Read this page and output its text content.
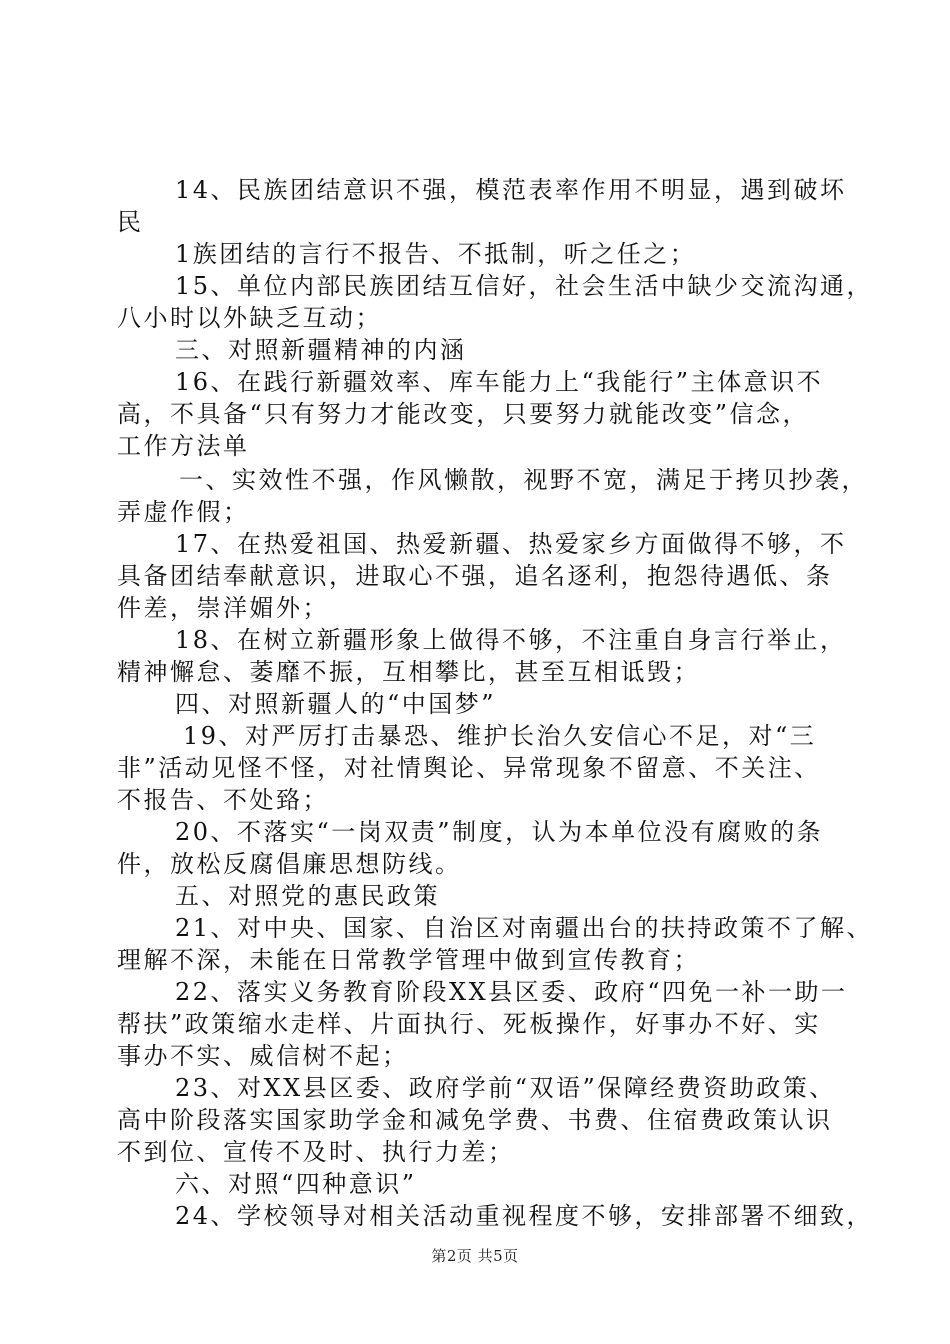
14、民族团结意识不强，模范表率作用不明显，遇到破坏
民
1族团结的言行不报告、不抵制，听之任之；
15、单位内部民族团结互信好，社会生活中缺少交流沟通，
八小时以外缺乏互动；
三、对照新疆精神的内涵
16、在践行新疆效率、库车能力上“我能行”主体意识不
高，不具备“只有努力才能改变，只要努力就能改变”信念，
工作方法单
一、实效性不强，作风懒散，视野不宽，满足于拷贝抄袭，
弄虚作假；
17、在热爱祖国、热爱新疆、热爱家乡方面做得不够，不
具备团结奉献意识，进取心不强，追名逐利，抱怨待遇低、条
件差，崇洋媚外；
18、在树立新疆形象上做得不够，不注重自身言行举止，
精神懈怠、萎靡不振，互相攀比，甚至互相诋毁；
四、对照新疆人的“中国梦”
19、对严厉打击暴恐、维护长治久安信心不足，对“三
非”活动见怪不怪，对社情舆论、异常现象不留意、不关注、
不报告、不处臵；
20、不落实“一岗双责”制度，认为本单位没有腐败的条
件，放松反腐倡廉思想防线。
五、对照党的惠民政策
21、对中央、国家、自治区对南疆出台的扶持政策不了解、
理解不深，未能在日常教学管理中做到宣传教育；
22、落实义务教育阶段XX县区委、政府“四免一补一助一
帮扶”政策缩水走样、片面执行、死板操作，好事办不好、实
事办不实、威信树不起；
23、对XX县区委、政府学前“双语”保障经费资助政策、
高中阶段落实国家助学金和减免学费、书费、住宿费政策认识
不到位、宣传不及时、执行力差；
六、对照“四种意识”
24、学校领导对相关活动重视程度不够，安排部署不细致，
第2页 共5页
